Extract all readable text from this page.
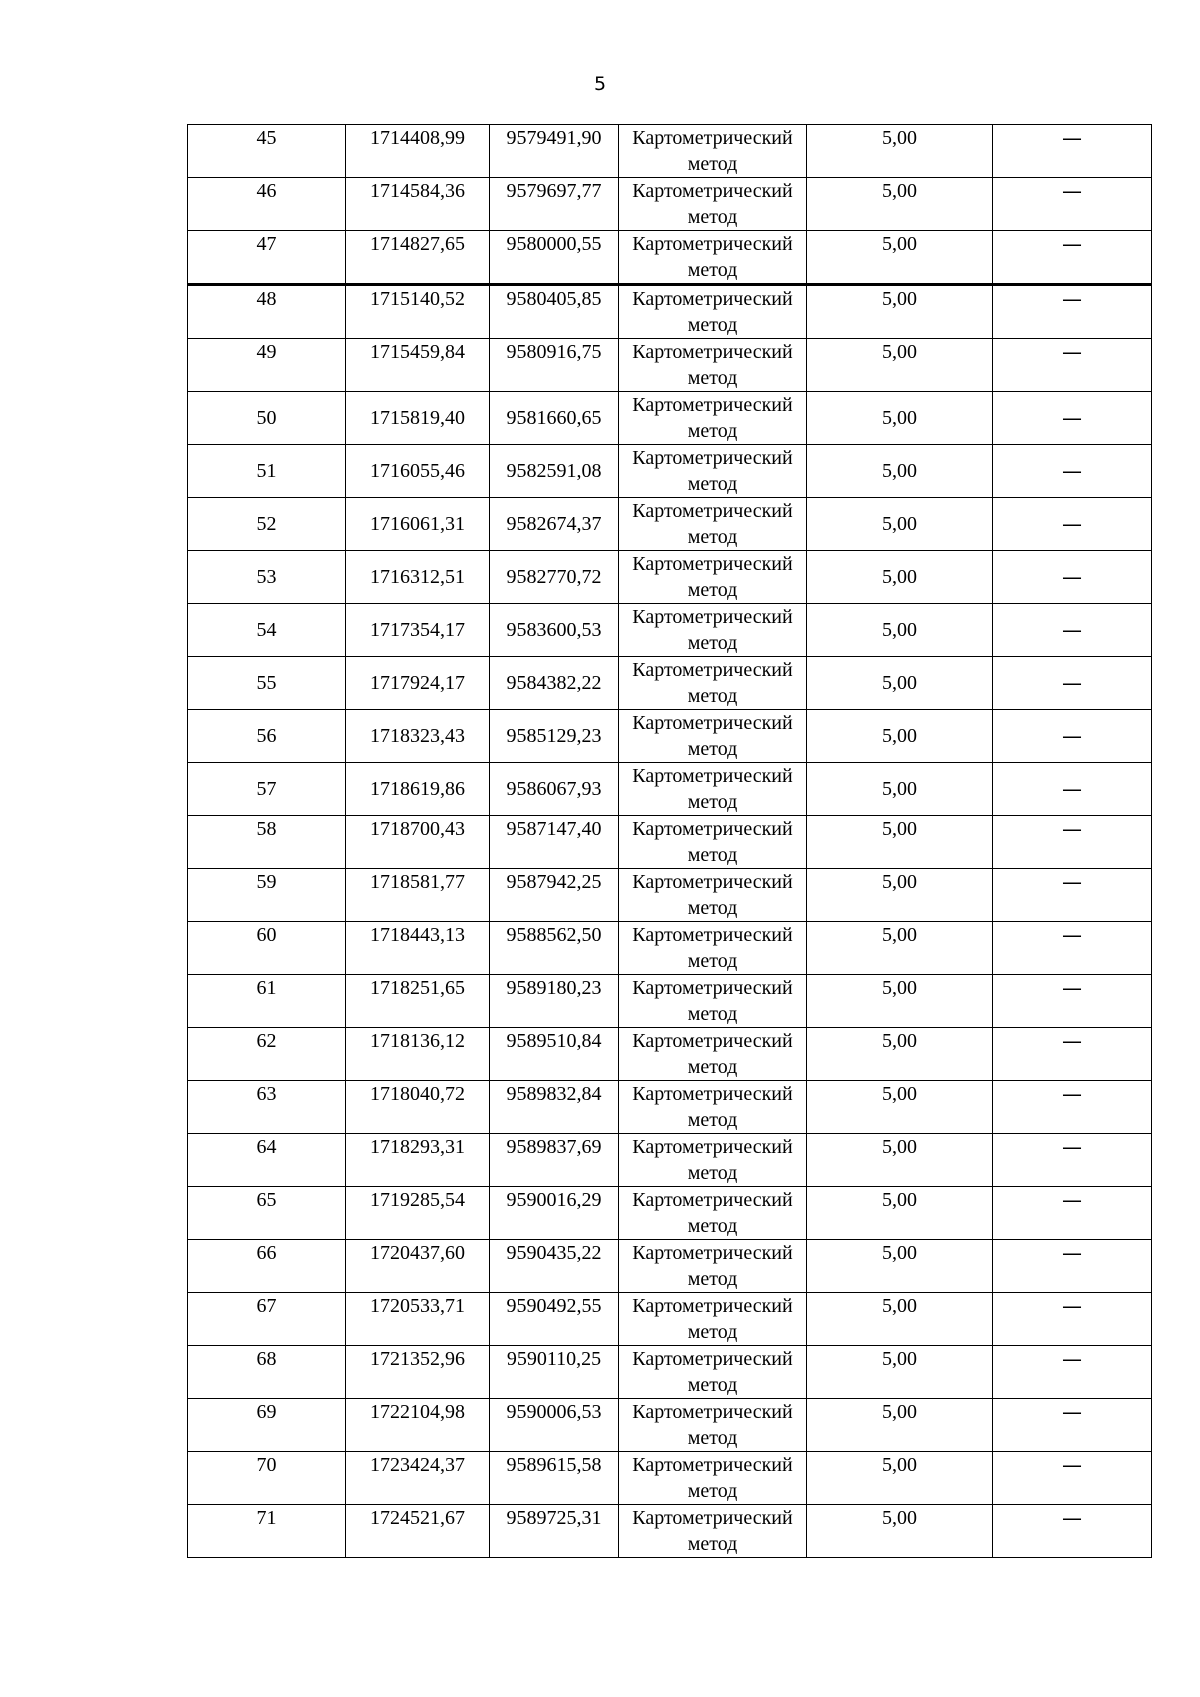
5
45	1714408,99	9579491,90	Картометрический
метод	5,00	—
46	1714584,36	9579697,77	Картометрический
метод	5,00	—
47	1714827,65	9580000,55	Картометрический
метод	5,00	—
48	1715140,52	9580405,85	Картометрический
метод	5,00	—
49	1715459,84	9580916,75	Картометрический
метод	5,00	—
50	1715819,40	9581660,65	Картометрический
метод	5,00	—
51	1716055,46	9582591,08	Картометрический
метод	5,00	—
52	1716061,31	9582674,37	Картометрический
метод	5,00	—
53	1716312,51	9582770,72	Картометрический
метод	5,00	—
54	1717354,17	9583600,53	Картометрический
метод	5,00	—
55	1717924,17	9584382,22	Картометрический
метод	5,00	—
56	1718323,43	9585129,23	Картометрический
метод	5,00	—
57	1718619,86	9586067,93	Картометрический
метод	5,00	—
58	1718700,43	9587147,40	Картометрический
метод	5,00	—
59	1718581,77	9587942,25	Картометрический
метод	5,00	—
60	1718443,13	9588562,50	Картометрический
метод	5,00	—
61	1718251,65	9589180,23	Картометрический
метод	5,00	—
62	1718136,12	9589510,84	Картометрический
метод	5,00	—
63	1718040,72	9589832,84	Картометрический
метод	5,00	—
64	1718293,31	9589837,69	Картометрический
метод	5,00	—
65	1719285,54	9590016,29	Картометрический
метод	5,00	—
66	1720437,60	9590435,22	Картометрический
метод	5,00	—
67	1720533,71	9590492,55	Картометрический
метод	5,00	—
68	1721352,96	9590110,25	Картометрический
метод	5,00	—
69	1722104,98	9590006,53	Картометрический
метод	5,00	—
70	1723424,37	9589615,58	Картометрический
метод	5,00	—
71	1724521,67	9589725,31	Картометрический
метод	5,00	—
